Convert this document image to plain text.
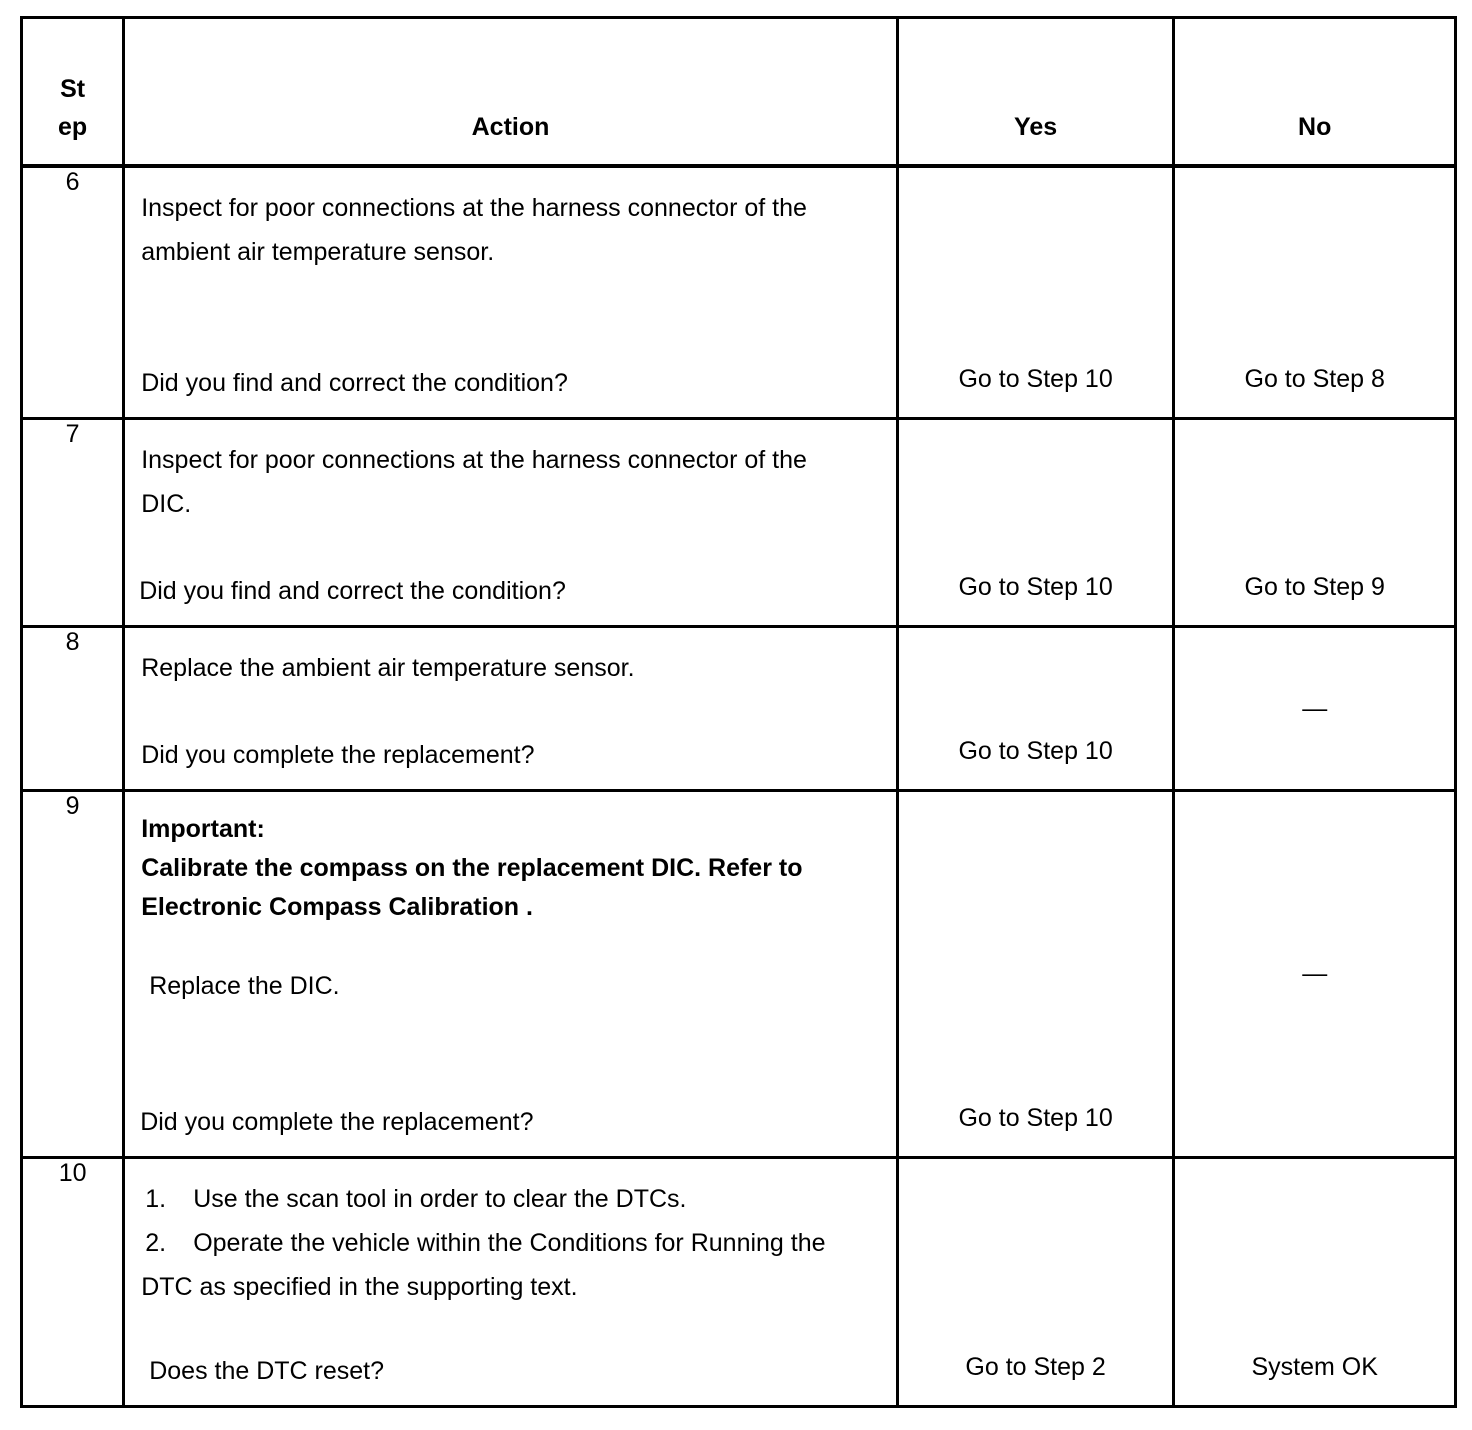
St
ep	Action	Yes	No
6	Inspect for poor connections at the harness connector of the ambient air temperature sensor.
Did you find and correct the condition?	Go to Step 10	Go to Step 8

7	Inspect for poor connections at the harness connector of the DIC.
Did you find and correct the condition?	Go to Step 10	Go to Step 9

8	Replace the ambient air temperature sensor.
Did you complete the replacement?	Go to Step 10	—

9	Important:
Calibrate the compass on the replacement DIC. Refer to Electronic Compass Calibration .
Replace the DIC.
Did you complete the replacement?	Go to Step 10	—

10	1. Use the scan tool in order to clear the DTCs.
2. Operate the vehicle within the Conditions for Running the DTC as specified in the supporting text.
Does the DTC reset?	Go to Step 2	System OK
